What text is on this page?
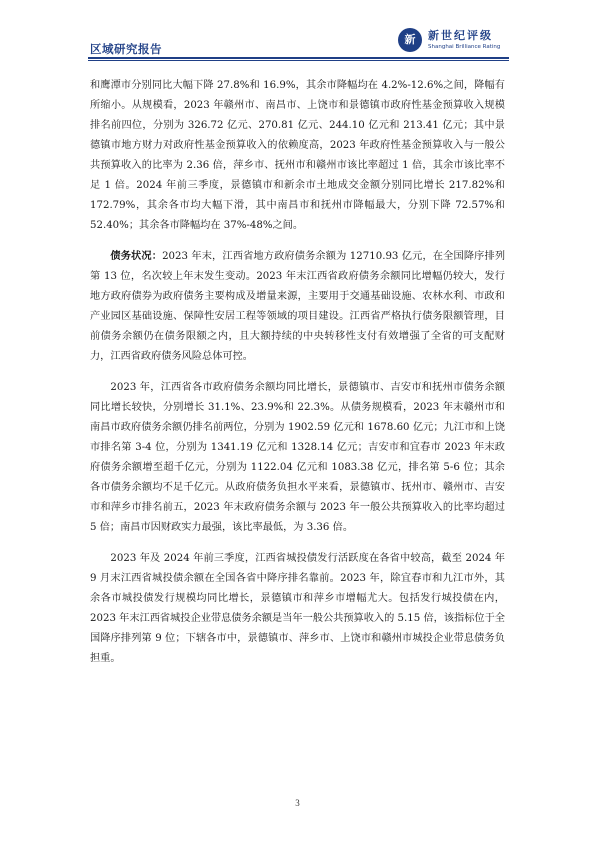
区域研究报告
新	新世纪评级
Shanghai Brilliance Rating

和鹰潭市分别同比大幅下降 27.8%和 16.9%，其余市降幅均在 4.2%-12.6%之间，降幅有所缩小。从规模看，2023 年赣州市、南昌市、上饶市和景德镇市政府性基金预算收入规模排名前四位，分别为 326.72 亿元、270.81 亿元、244.10 亿元和 213.41 亿元；其中景德镇市地方财力对政府性基金预算收入的依赖度高，2023 年政府性基金预算收入与一般公共预算收入的比率为 2.36 倍，萍乡市、抚州市和赣州市该比率超过 1 倍，其余市该比率不足 1 倍。2024 年前三季度，景德镇市和新余市土地成交金额分别同比增长 217.82%和 172.79%，其余各市均大幅下滑，其中南昌市和抚州市降幅最大，分别下降 72.57%和 52.40%；其余各市降幅均在 37%-48%之间。

债务状况：2023 年末，江西省地方政府债务余额为 12710.93 亿元，在全国降序排列第 13 位，名次较上年末发生变动。2023 年末江西省政府债务余额同比增幅仍较大，发行地方政府债券为政府债务主要构成及增量来源，主要用于交通基础设施、农林水利、市政和产业园区基础设施、保障性安居工程等领域的项目建设。江西省严格执行债务限额管理，目前债务余额仍在债务限额之内，且大额持续的中央转移性支付有效增强了全省的可支配财力，江西省政府债务风险总体可控。

2023 年，江西省各市政府债务余额均同比增长，景德镇市、吉安市和抚州市债务余额同比增长较快，分别增长 31.1%、23.9%和 22.3%。从债务规模看，2023 年末赣州市和南昌市政府债务余额仍排名前两位，分别为 1902.59 亿元和 1678.60 亿元；九江市和上饶市排名第 3-4 位，分别为 1341.19 亿元和 1328.14 亿元；吉安市和宜春市 2023 年末政府债务余额增至超千亿元，分别为 1122.04 亿元和 1083.38 亿元，排名第 5-6 位；其余各市债务余额均不足千亿元。从政府债务负担水平来看，景德镇市、抚州市、赣州市、吉安市和萍乡市排名前五，2023 年末政府债务余额与 2023 年一般公共预算收入的比率均超过 5 倍；南昌市因财政实力最强，该比率最低，为 3.36 倍。

2023 年及 2024 年前三季度，江西省城投债发行活跃度在各省中较高，截至 2024 年 9 月末江西省城投债余额在全国各省中降序排名靠前。2023 年，除宜春市和九江市外，其余各市城投债发行规模均同比增长，景德镇市和萍乡市增幅尤大。包括发行城投债在内，2023 年末江西省城投企业带息债务余额是当年一般公共预算收入的 5.15 倍，该指标位于全国降序排列第 9 位；下辖各市中，景德镇市、萍乡市、上饶市和赣州市城投企业带息债务负担重。

3
